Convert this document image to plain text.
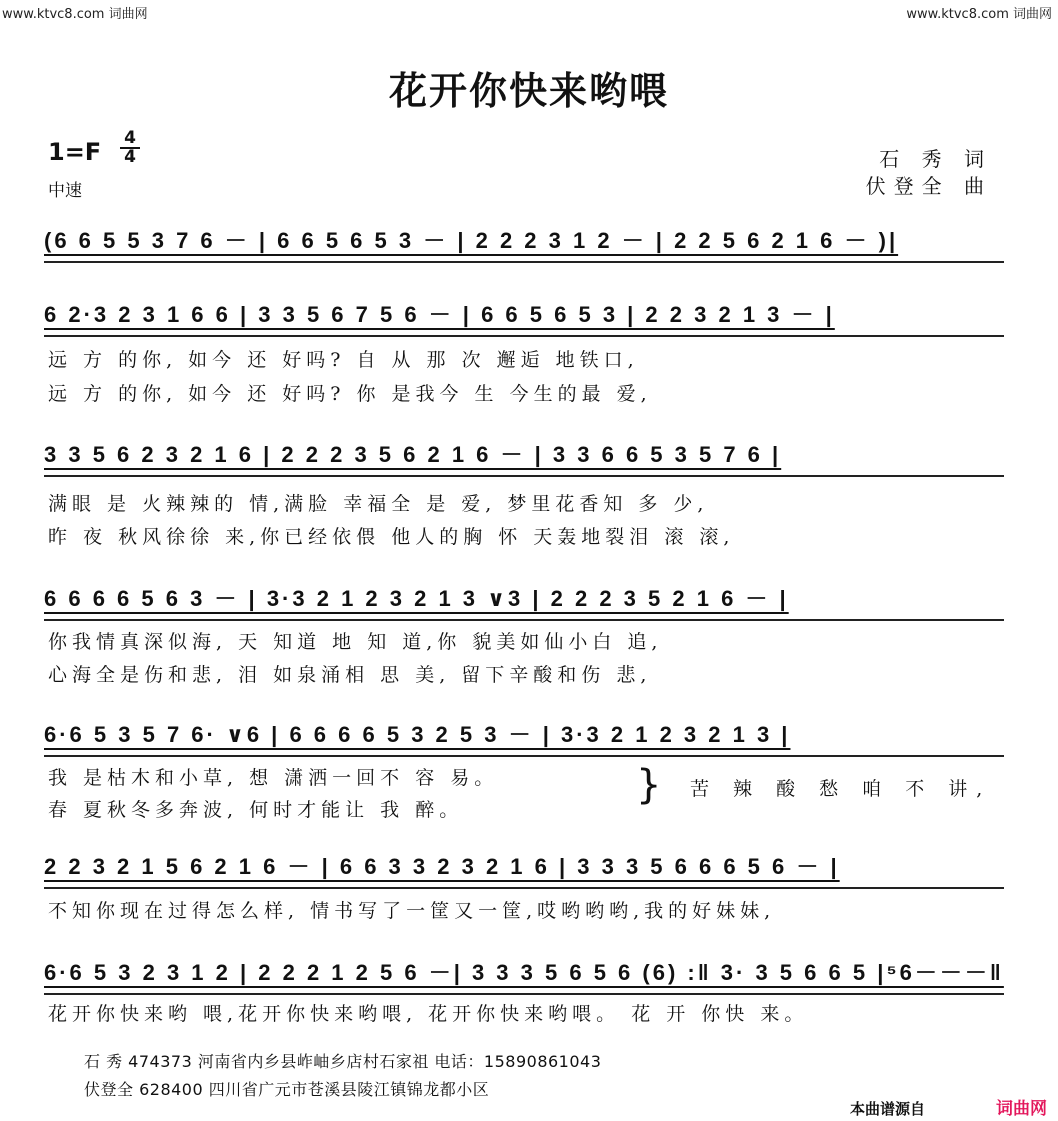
www.ktvc8.com 词曲网	www.ktvc8.com 词曲网
花开你快来哟喂
1=F 4
4
中速
石 秀 词
伏登全 曲
(6 6 5 5 3 7 6 － | 6 6 5 6 5 3 － | 2 2 2 3 1 2 － | 2 2 5 6 2 1 6 － )|
6 2·3 2 3 1 6 6 | 3 3 5 6 7 5 6 － | 6 6 5 6 5 3 | 2 2 3 2 1 3 － |
远 方 的你, 如今 还 好吗? 自 从 那 次 邂逅 地铁口,
远 方 的你, 如今 还 好吗? 你 是我今 生 今生的最 爱,
3 3 5 6 2 3 2 1 6 | 2 2 2 3 5 6 2 1 6 － | 3 3 6 6 5 3 5 7 6 |
满眼 是 火辣辣的 情,满脸 幸福全 是 爱, 梦里花香知 多 少,
昨 夜 秋风徐徐 来,你已经依偎 他人的胸 怀 天轰地裂泪 滚 滚,
6 6 6 6 5 6 3 － | 3·3 2 1 2 3 2 1 3 ∨3 | 2 2 2 3 5 2 1 6 － |
你我情真深似海, 天 知道 地 知 道,你 貌美如仙小白 追,
心海全是伤和悲, 泪 如泉涌相 思 美, 留下辛酸和伤 悲,
6·6 5 3 5 7 6· ∨6 | 6 6 6 6 5 3 2 5 3 － | 3·3 2 1 2 3 2 1 3 |
我 是枯木和小草, 想 潇洒一回不 容 易。
春 夏秋冬多奔波, 何时才能让 我 醉。
} 苦 辣 酸 愁 咱 不 讲,
2 2 3 2 1 5 6 2 1 6 － | 6 6 3 3 2 3 2 1 6 | 3 3 3 5 6 6 6 5 6 － |
不知你现在过得怎么样, 情书写了一筐又一筐,哎哟哟哟,我的好妹妹,
6·6 5 3 2 3 1 2 | 2 2 2 1 2 5 6 －| 3 3 3 5 6 5 6 (6) :‖ 3· 3 5 6 6 5 |⁵6－－－‖
花开你快来哟 喂,花开你快来哟喂, 花开你快来哟喂。 花 开 你快 来。
石 秀 474373 河南省内乡县岞岫乡店村石家祖 电话：15890861043
伏登全 628400 四川省广元市苍溪县陵江镇锦龙都小区
本曲谱源自	词曲网
